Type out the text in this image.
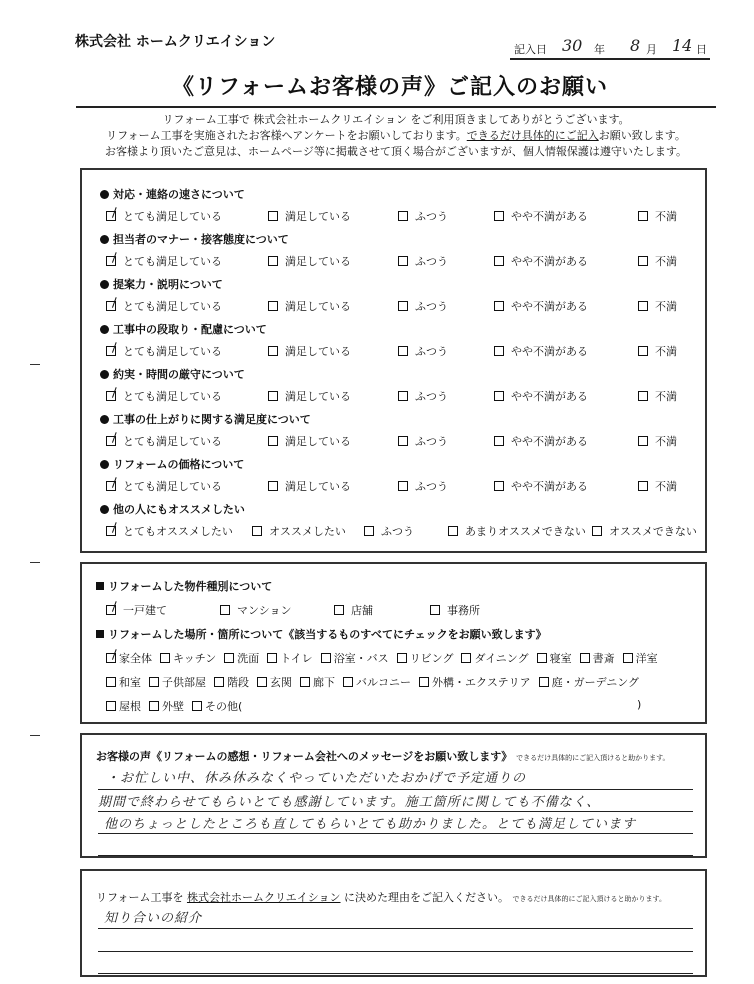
株式会社 ホームクリエイション	記入日 30 年 8 月 14 日
《リフォームお客様の声》ご記入のお願い
リフォーム工事で 株式会社ホームクリエイション をご利用頂きましてありがとうございます。
リフォーム工事を実施されたお客様へアンケートをお願いしております。できるだけ具体的にご記入お願い致します。
お客様より頂いたご意見は、ホームページ等に掲載させて頂く場合がございますが、個人情報保護は遵守いたします。
対応・連絡の速さについて
とても満足している	満足している	ふつう	やや不満がある	不満
担当者のマナー・接客態度について
とても満足している	満足している	ふつう	やや不満がある	不満
提案力・説明について
とても満足している	満足している	ふつう	やや不満がある	不満
工事中の段取り・配慮について
とても満足している	満足している	ふつう	やや不満がある	不満
約実・時間の厳守について
とても満足している	満足している	ふつう	やや不満がある	不満
工事の仕上がりに関する満足度について
とても満足している	満足している	ふつう	やや不満がある	不満
リフォームの価格について
とても満足している	満足している	ふつう	やや不満がある	不満
他の人にもオススメしたい
とてもオススメしたい	オススメしたい	ふつう	あまりオススメできない	オススメできない
リフォームした物件種別について
一戸建て	マンション	店舗	事務所
リフォームした場所・箇所について《該当するものすべてにチェックをお願い致します》
家全体 キッチン 洗面 トイレ 浴室・バス リビング ダイニング 寝室 書斎 洋室
和室 子供部屋 階段 玄関 廊下 バルコニー 外構・エクステリア 庭・ガーデニング
屋根 外壁 その他(	)
お客様の声《リフォームの感想・リフォーム会社へのメッセージをお願い致します》 できるだけ具体的にご記入頂けると助かります。
・お忙しい中、休み休みなくやっていただいたおかげで予定通りの
期間で終わらせてもらいとても感謝しています。施工箇所に関しても不備なく、
他のちょっとしたところも直してもらいとても助かりました。とても満足しています
リフォーム工事を 株式会社ホームクリエイション に決めた理由をご記入ください。 できるだけ具体的にご記入頂けると助かります。
知り合いの紹介
